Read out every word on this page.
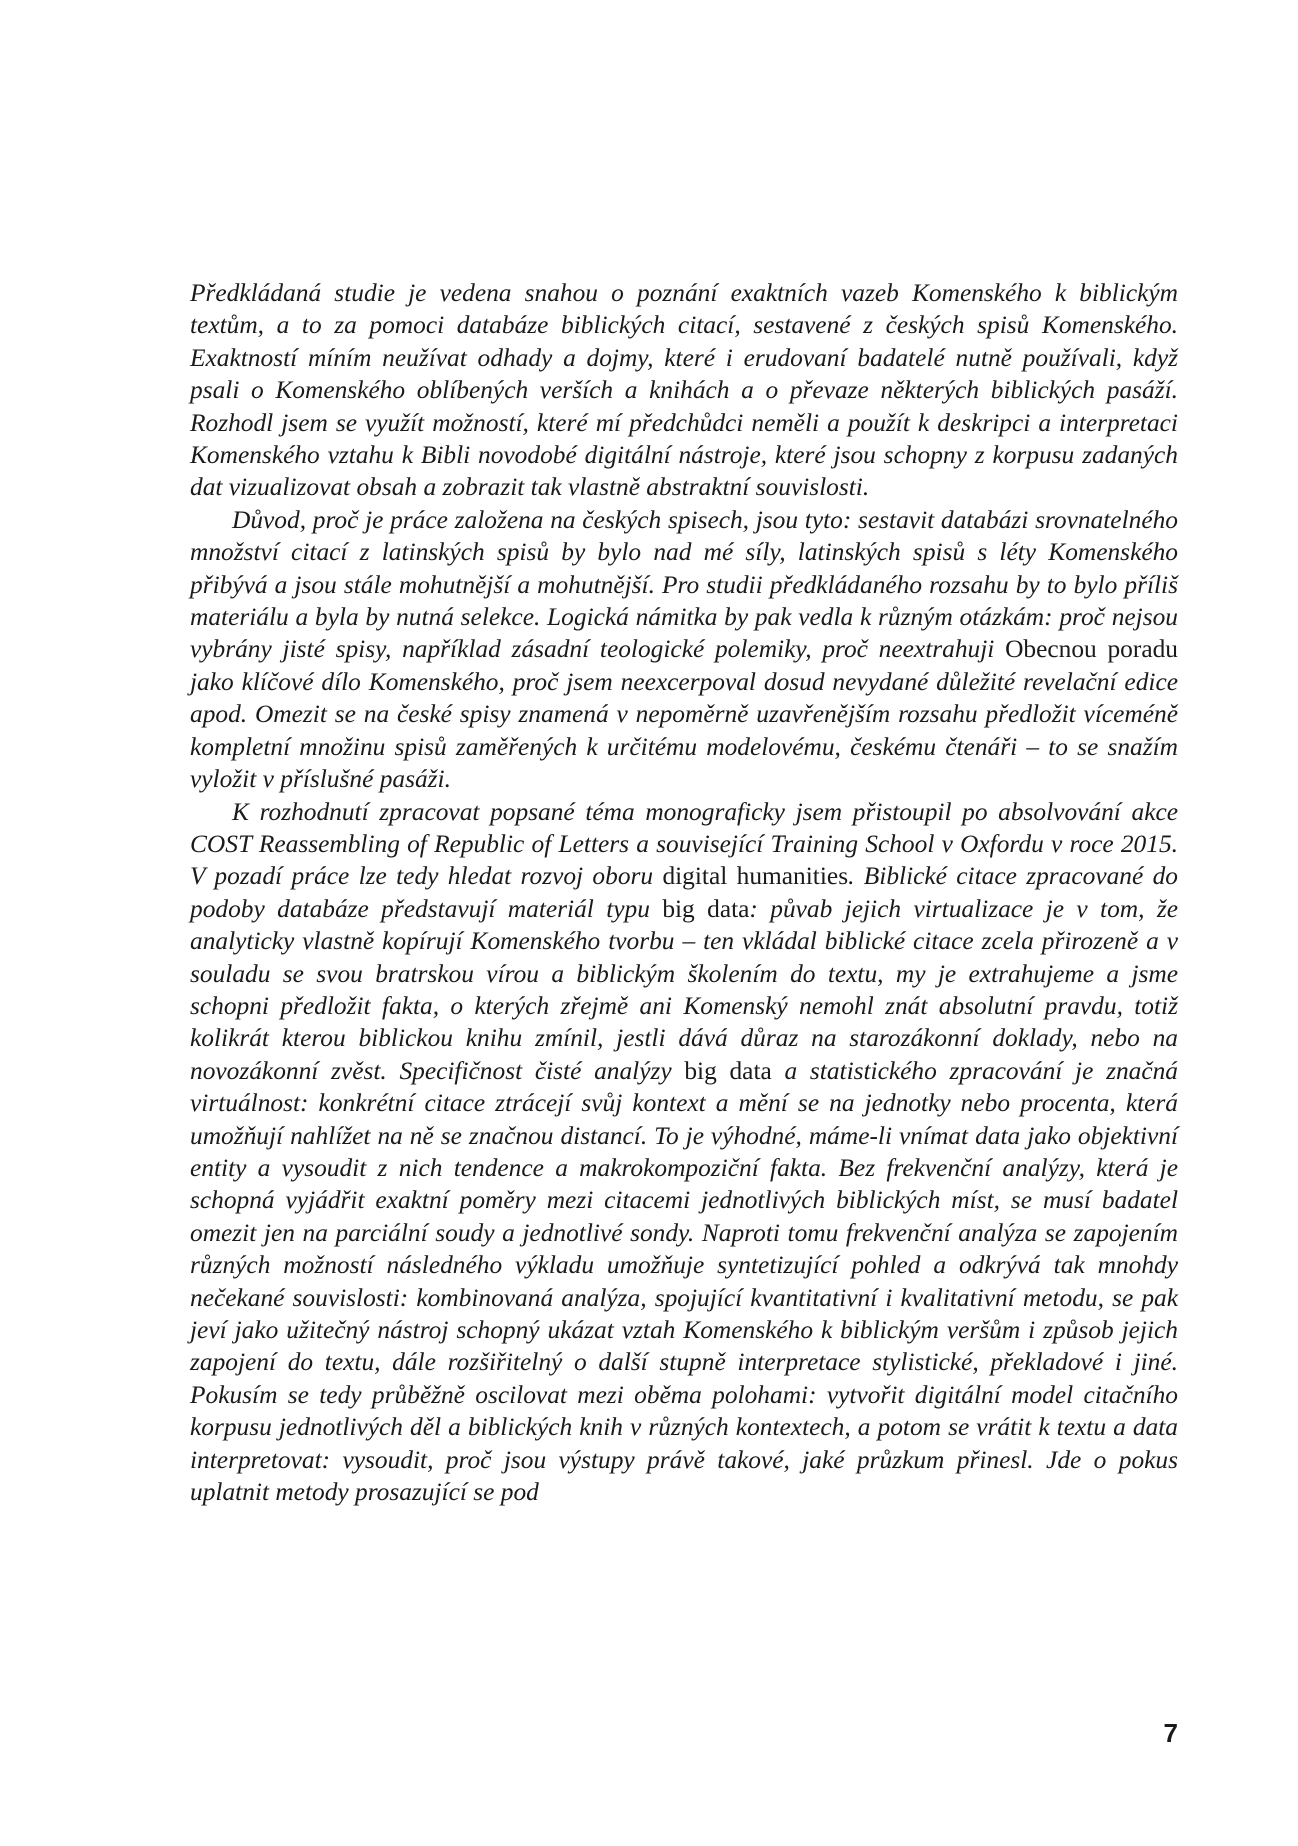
Předkládaná studie je vedena snahou o poznání exaktních vazeb Komenského k biblickým textům, a to za pomoci databáze biblických citací, sestavené z českých spisů Komenského. Exaktností míním neužívat odhady a dojmy, které i erudovaní badatelé nutně používali, když psali o Komenského oblíbených verších a knihách a o převaze některých biblických pasáží. Rozhodl jsem se využít možností, které mí předchůdci neměli a použít k deskripci a interpretaci Komenského vztahu k Bibli novodobé digitální nástroje, které jsou schopny z korpusu zadaných dat vizualizovat obsah a zobrazit tak vlastně abstraktní souvislosti.

Důvod, proč je práce založena na českých spisech, jsou tyto: sestavit databázi srovnatelného množství citací z latinských spisů by bylo nad mé síly, latinských spisů s léty Komenského přibývá a jsou stále mohutnější a mohutnější. Pro studii předkládaného rozsahu by to bylo příliš materiálu a byla by nutná selekce. Logická námitka by pak vedla k různým otázkám: proč nejsou vybrány jisté spisy, například zásadní teologické polemiky, proč neextrahuji Obecnou poradu jako klíčové dílo Komenského, proč jsem neexcerpoval dosud nevydané důležité revelační edice apod. Omezit se na české spisy znamená v nepoměrně uzavřenějším rozsahu předložit víceméně kompletní množinu spisů zaměřených k určitému modelovému, českému čtenáři – to se snažím vyložit v příslušné pasáži.

K rozhodnutí zpracovat popsané téma monograficky jsem přistoupil po absolvování akce COST Reassembling of Republic of Letters a související Training School v Oxfordu v roce 2015. V pozadí práce lze tedy hledat rozvoj oboru digital humanities. Biblické citace zpracované do podoby databáze představují materiál typu big data: půvab jejich virtualizace je v tom, že analyticky vlastně kopírují Komenského tvorbu – ten vkládal biblické citace zcela přirozeně a v souladu se svou bratrskou vírou a biblickým školením do textu, my je extrahujeme a jsme schopni předložit fakta, o kterých zřejmě ani Komenský nemohl znát absolutní pravdu, totiž kolikrát kterou biblickou knihu zmínil, jestli dává důraz na starozákonní doklady, nebo na novozákonní zvěst. Specifičnost čisté analýzy big data a statistického zpracování je značná virtuálnost: konkrétní citace ztrácejí svůj kontext a mění se na jednotky nebo procenta, která umožňují nahlížet na ně se značnou distancí. To je výhodné, máme-li vnímat data jako objektivní entity a vysoudit z nich tendence a makrokompoziční fakta. Bez frekvenční analýzy, která je schopná vyjádřit exaktní poměry mezi citacemi jednotlivých biblických míst, se musí badatel omezit jen na parciální soudy a jednotlivé sondy. Naproti tomu frekvenční analýza se zapojením různých možností následného výkladu umožňuje syntetizující pohled a odkrývá tak mnohdy nečekané souvislosti: kombinovaná analýza, spojující kvantitativní i kvalitativní metodu, se pak jeví jako užitečný nástroj schopný ukázat vztah Komenského k biblickým veršům i způsob jejich zapojení do textu, dále rozšiřitelný o další stupně interpretace stylistické, překladové i jiné. Pokusím se tedy průběžně oscilovat mezi oběma polohami: vytvořit digitální model citačního korpusu jednotlivých děl a biblických knih v různých kontextech, a potom se vrátit k textu a data interpretovat: vysoudit, proč jsou výstupy právě takové, jaké průzkum přinesl. Jde o pokus uplatnit metody prosazující se pod

7
